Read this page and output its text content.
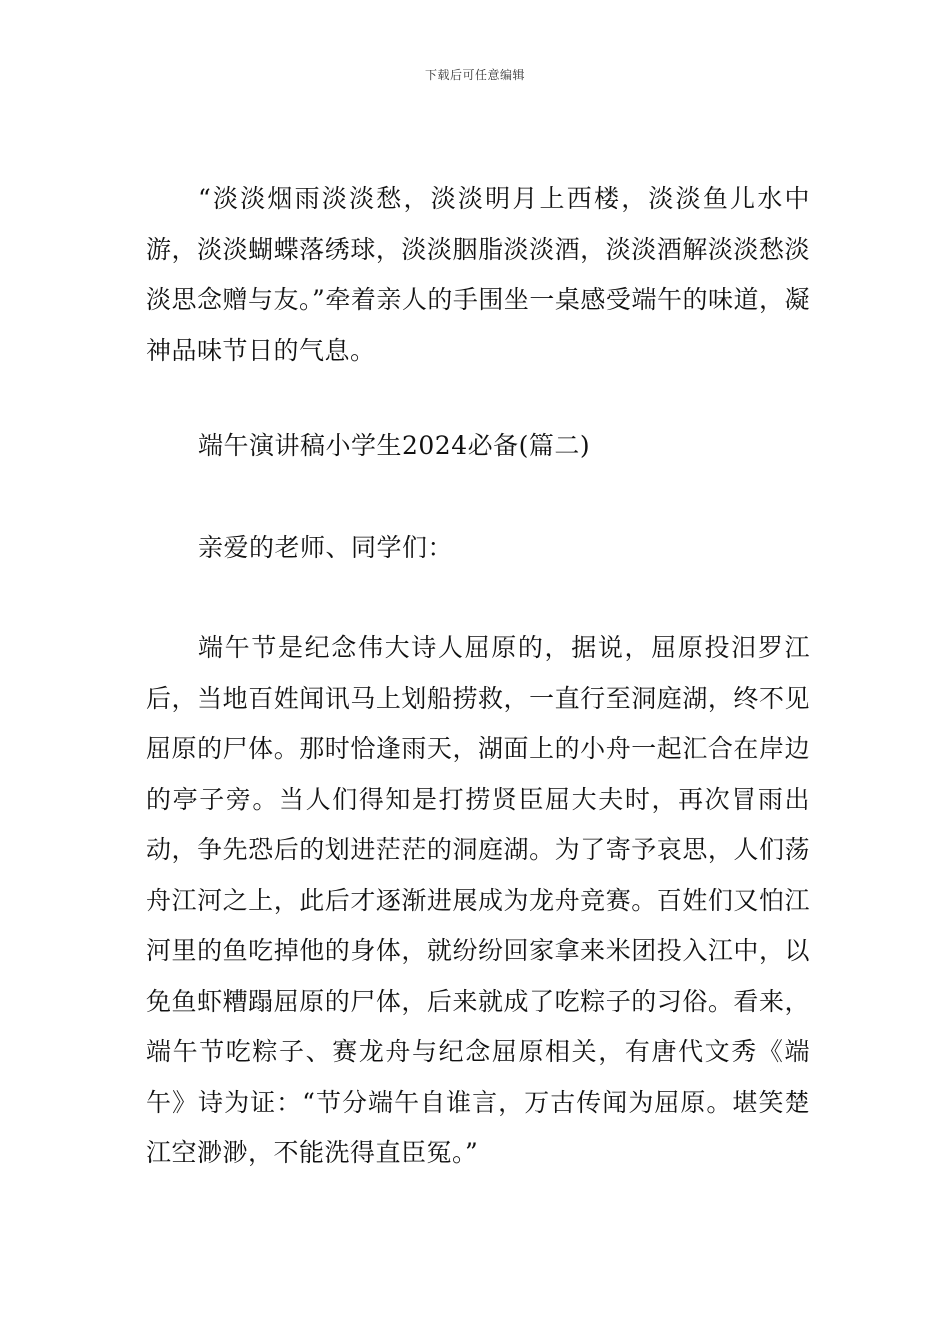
下载后可任意编辑

“淡淡烟雨淡淡愁，淡淡明月上西楼，淡淡鱼儿水中游，淡淡蝴蝶落绣球，淡淡胭脂淡淡酒，淡淡酒解淡淡愁淡淡思念赠与友。”牵着亲人的手围坐一桌感受端午的味道，凝神品味节日的气息。

端午演讲稿小学生2024必备(篇二)

亲爱的老师、同学们：

端午节是纪念伟大诗人屈原的，据说，屈原投汨罗江后，当地百姓闻讯马上划船捞救，一直行至洞庭湖，终不见屈原的尸体。那时恰逢雨天，湖面上的小舟一起汇合在岸边的亭子旁。当人们得知是打捞贤臣屈大夫时，再次冒雨出动，争先恐后的划进茫茫的洞庭湖。为了寄予哀思，人们荡舟江河之上，此后才逐渐进展成为龙舟竞赛。百姓们又怕江河里的鱼吃掉他的身体，就纷纷回家拿来米团投入江中，以免鱼虾糟蹋屈原的尸体，后来就成了吃粽子的习俗。看来，端午节吃粽子、赛龙舟与纪念屈原相关，有唐代文秀《端午》诗为证：“节分端午自谁言，万古传闻为屈原。堪笑楚江空渺渺，不能洗得直臣冤。”
